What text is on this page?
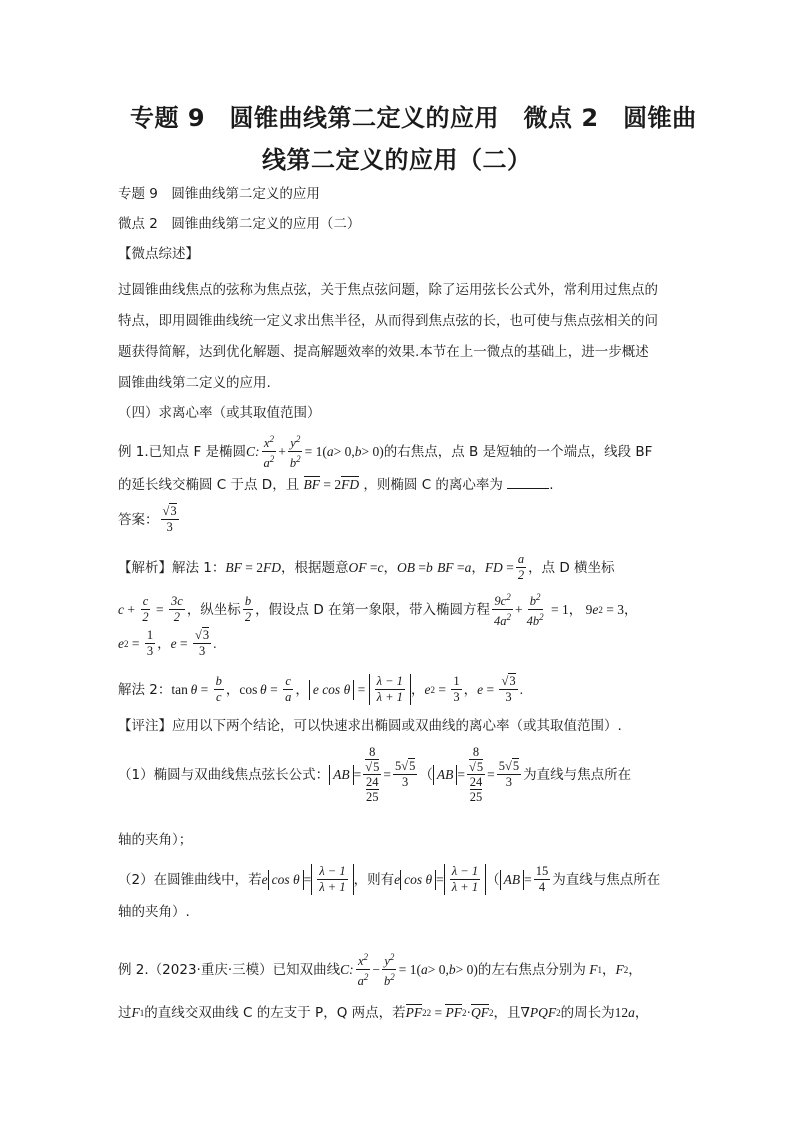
专题 9　圆锥曲线第二定义的应用　微点 2　圆锥曲
线第二定义的应用（二）
专题 9　圆锥曲线第二定义的应用
微点 2　圆锥曲线第二定义的应用（二）
【微点综述】
过圆锥曲线焦点的弦称为焦点弦，关于焦点弦问题，除了运用弦长公式外，常利用过焦点的
特点，即用圆锥曲线统一定义求出焦半径，从而得到焦点弦的长，也可使与焦点弦相关的问
题获得简解，达到优化解题、提高解题效率的效果.本节在上一微点的基础上，进一步概述
圆锥曲线第二定义的应用.
（四）求离心率（或其取值范围）
例 1.已知点 F 是椭圆 C: $\frac{x^2}{a^2} + \frac{y^2}{b^2} = 1$( a > 0, b > 0) 的右焦点，点 B 是短轴的一个端点，线段 BF
的延长线交椭圆 C 于点 D，且 BF = 2FD ，则椭圆 C 的离心率为	.
答案： $\frac{√3}{3}$
【解析】解法 1： BF = 2 FD ，根据题意 OF = c ， OB = b
BF = a ， FD = $\frac{a}{2}$ ，点 D 横坐标
$c + \frac{c}{2} = \frac{3c}{2}$ ，纵坐标 $\frac{b}{2}$ ，假设点 D 在第一象限，带入椭圆方程 $\frac{9c^2}{4a^2} + \frac{b^2}{4b^2} = 1$ ， 9 e 2 = 3，
e $2 = \frac{1}{3}$ ， $e = \frac{√3}{3}$ .
解法 2： $\tan \theta = \frac{b}{c}$ ， $\cos \theta = \frac{c}{a}$ ， e $\cos \theta = \frac{\lambda - 1}{\lambda + 1}$ ， e $2 = \frac{1}{3}$ ， $e = \frac{√3}{3}$ .
【评注】应用以下两个结论，可以快速求出椭圆或双曲线的离心率（或其取值范围）.
（1）椭圆与双曲线焦点弦长公式： AB = 8
√5
24
$25 = \frac{5√5}{3}$ （ AB = 8
√5
24
$25 = \frac{5√5}{3}$ 为直线与焦点所在
轴的夹角）；
（2）在圆锥曲线中，若 e $\cos \theta = \frac{\lambda - 1}{\lambda + 1}$ ，则有 e $\cos \theta = \frac{\lambda - 1}{\lambda + 1}$ （ AB = $\frac{15}{4}$ 为直线与焦点所在
轴的夹角）.
例 2.（2023·重庆·三模）已知双曲线 C: $\frac{x^2}{a^2} - \frac{y^2}{b^2} = 1$( a > 0, b > 0) 的左右焦点分别为 F 1 ， F 2 ，
过 F 1 的直线交双曲线 C 的左支于 P，Q 两点，若 PF 2 2 = PF 2 · QF 2 ，且 ∇ PQF 2 的周长为 12 a ，
